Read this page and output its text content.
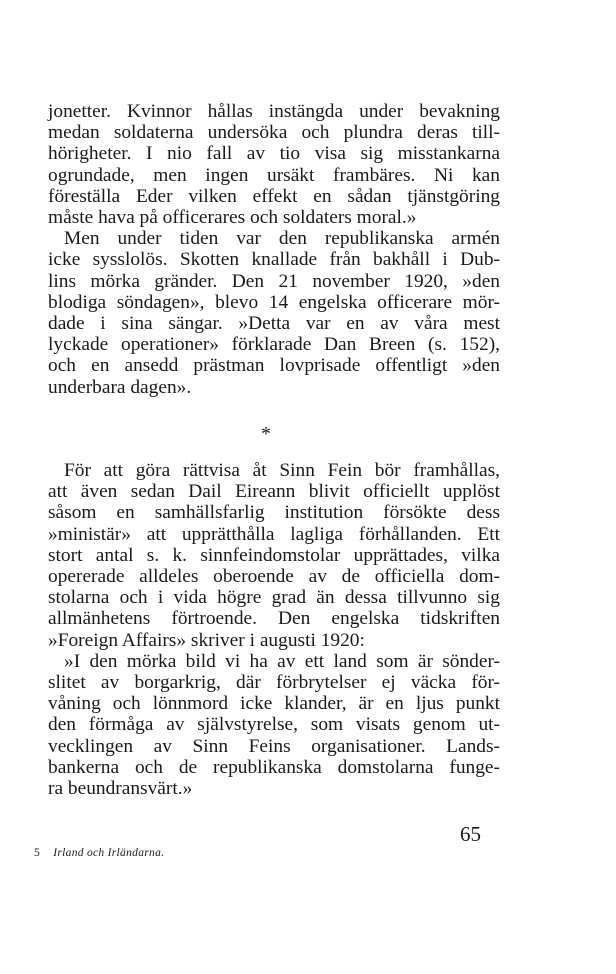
jonetter. Kvinnor hållas instängda under bevakning
medan soldaterna undersöka och plundra deras till-
hörigheter. I nio fall av tio visa sig misstankarna
ogrundade, men ingen ursäkt frambäres. Ni kan
föreställa Eder vilken effekt en sådan tjänstgöring
måste hava på officerares och soldaters moral.»
Men under tiden var den republikanska armén
icke sysslolös. Skotten knallade från bakhåll i Dub-
lins mörka gränder. Den 21 november 1920, »den
blodiga söndagen», blevo 14 engelska officerare mör-
dade i sina sängar. »Detta var en av våra mest
lyckade operationer» förklarade Dan Breen (s. 152),
och en ansedd prästman lovprisade offentligt »den
underbara dagen».
*
För att göra rättvisa åt Sinn Fein bör framhållas,
att även sedan Dail Eireann blivit officiellt upplöst
såsom en samhällsfarlig institution försökte dess
»ministär» att upprätthålla lagliga förhållanden. Ett
stort antal s. k. sinnfeindomstolar upprättades, vilka
opererade alldeles oberoende av de officiella dom-
stolarna och i vida högre grad än dessa tillvunno sig
allmänhetens förtroende. Den engelska tidskriften
»Foreign Affairs» skriver i augusti 1920:
»I den mörka bild vi ha av ett land som är sönder-
slitet av borgarkrig, där förbrytelser ej väcka för-
våning och lönnmord icke klander, är en ljus punkt
den förmåga av självstyrelse, som visats genom ut-
vecklingen av Sinn Feins organisationer. Lands-
bankerna och de republikanska domstolarna funge-
ra beundransvärt.»
65
5 Irland och Irländarna.
